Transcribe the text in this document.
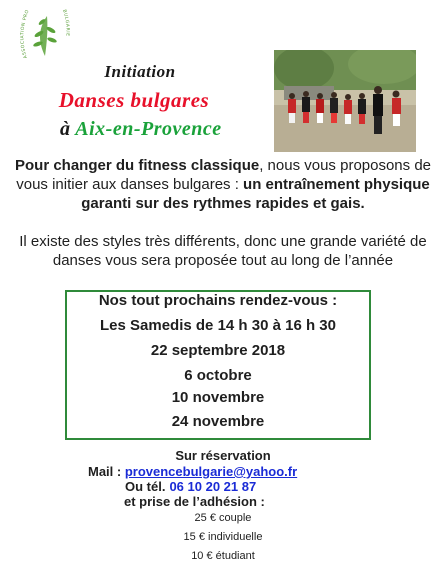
ASSOCIATION PRO	BULGARIE
Initiation
Danses bulgares
à Aix-en-Provence
Pour changer du fitness classique, nous vous proposons de vous initier aux danses bulgares : un entraînement physique garanti sur des rythmes rapides et gais.
Il existe des styles très différents, donc une grande variété de danses vous sera proposée tout au long de l’année
Nos tout prochains rendez-vous :
Les Samedis de 14 h 30 à 16 h 30
22 septembre 2018
6 octobre
10 novembre
24 novembre
Sur réservation
Mail : provencebulgarie@yahoo.fr
Ou tél. 06 10 20 21 87
et prise de l’adhésion :
25 € couple
15 € individuelle
10 € étudiant
